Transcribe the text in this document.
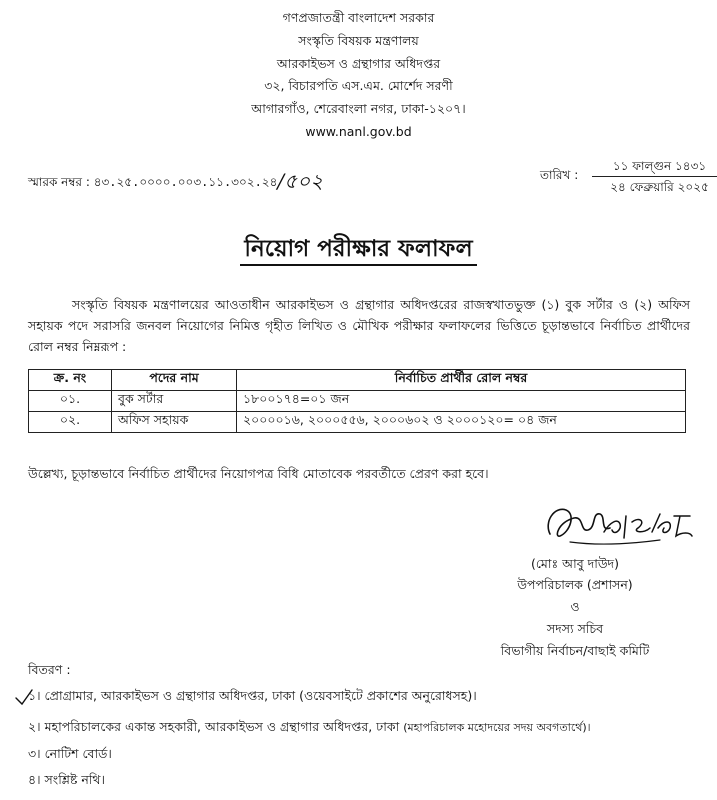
গণপ্রজাতন্ত্রী বাংলাদেশ সরকার
সংস্কৃতি বিষয়ক মন্ত্রণালয়
আরকাইভস ও গ্রন্থাগার অধিদপ্তর
৩২, বিচারপতি এস.এম. মোর্শেদ সরণী
আগারগাঁও, শেরেবাংলা নগর, ঢাকা-১২০৭।
www.nanl.gov.bd
স্মারক নম্বর : ৪৩.২৫.০০০০.০০৩.১১.৩০২.২৪/৫০২	তারিখ :
১১ ফাল্গুন ১৪৩১
২৪ ফেব্রুয়ারি ২০২৫
নিয়োগ পরীক্ষার ফলাফল
সংস্কৃতি বিষয়ক মন্ত্রণালয়ের আওতাধীন আরকাইভস ও গ্রন্থাগার অধিদপ্তরের রাজস্বখাতভুক্ত (১) বুক সর্টার ও (২) অফিস সহায়ক পদে সরাসরি জনবল নিয়োগের নিমিত্ত গৃহীত লিখিত ও মৌখিক পরীক্ষার ফলাফলের ভিত্তিতে চূড়ান্তভাবে নির্বাচিত প্রার্থীদের রোল নম্বর নিম্নরূপ :
ক্র. নং	পদের নাম	নির্বাচিত প্রার্থীর রোল নম্বর
০১.	বুক সর্টার	১৮০০১৭৪=০১ জন
০২.	অফিস সহায়ক	২০০০০১৬, ২০০০৫৫৬, ২০০০৬০২ ও ২০০০১২০= ০৪ জন
উল্লেখ্য, চূড়ান্তভাবে নির্বাচিত প্রার্থীদের নিয়োগপত্র বিধি মোতাবেক পরবর্তীতে প্রেরণ করা হবে।
(মোঃ আবু দাউদ)
উপপরিচালক (প্রশাসন)
ও
সদস্য সচিব
বিভাগীয় নির্বাচন/বাছাই কমিটি
বিতরণ :
১। প্রোগ্রামার, আরকাইভস ও গ্রন্থাগার অধিদপ্তর, ঢাকা (ওয়েবসাইটে প্রকাশের অনুরোধসহ)।
২। মহাপরিচালকের একান্ত সহকারী, আরকাইভস ও গ্রন্থাগার অধিদপ্তর, ঢাকা (মহাপরিচালক মহোদয়ের সদয় অবগতার্থে)।
৩। নোটিশ বোর্ড।
৪। সংশ্লিষ্ট নথি।
